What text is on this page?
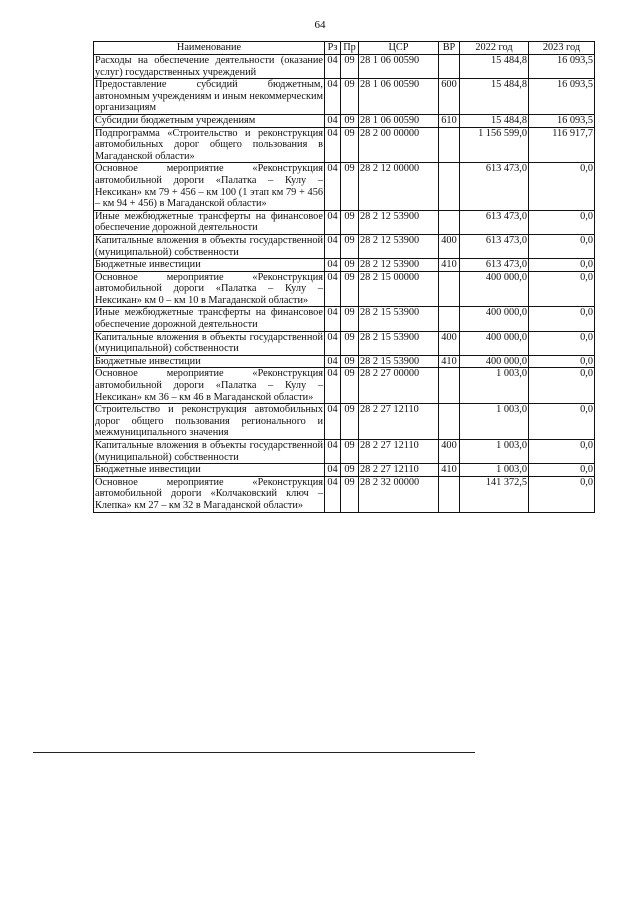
64
Наименование	Рз	Пр	ЦСР	ВР	2022 год	2023 год
Расходы на обеспечение деятельности (оказание услуг) государственных учреждений	04	09	28 1 06 00590		15 484,8	16 093,5
Предоставление субсидий бюджетным, автономным учреждениям и иным некоммерческим организациям	04	09	28 1 06 00590	600	15 484,8	16 093,5
Субсидии бюджетным учреждениям	04	09	28 1 06 00590	610	15 484,8	16 093,5
Подпрограмма «Строительство и реконструкция автомобильных дорог общего пользования в Магаданской области»	04	09	28 2 00 00000		1 156 599,0	116 917,7
Основное мероприятие «Реконструкция автомобильной дороги «Палатка – Кулу – Нексикан» км 79 + 456 – км 100 (1 этап км 79 + 456 – км 94 + 456) в Магаданской области»	04	09	28 2 12 00000		613 473,0	0,0
Иные межбюджетные трансферты на финансовое обеспечение дорожной деятельности	04	09	28 2 12 53900		613 473,0	0,0
Капитальные вложения в объекты государственной (муниципальной) собственности	04	09	28 2 12 53900	400	613 473,0	0,0
Бюджетные инвестиции	04	09	28 2 12 53900	410	613 473,0	0,0
Основное мероприятие «Реконструкция автомобильной дороги «Палатка – Кулу – Нексикан» км 0 – км 10 в Магаданской области»	04	09	28 2 15 00000		400 000,0	0,0
Иные межбюджетные трансферты на финансовое обеспечение дорожной деятельности	04	09	28 2 15 53900		400 000,0	0,0
Капитальные вложения в объекты государственной (муниципальной) собственности	04	09	28 2 15 53900	400	400 000,0	0,0
Бюджетные инвестиции	04	09	28 2 15 53900	410	400 000,0	0,0
Основное мероприятие «Реконструкция автомобильной дороги «Палатка – Кулу – Нексикан» км 36 – км 46 в Магаданской области»	04	09	28 2 27 00000		1 003,0	0,0
Строительство и реконструкция автомобильных дорог общего пользования регионального и межмуниципального значения	04	09	28 2 27 12110		1 003,0	0,0
Капитальные вложения в объекты государственной (муниципальной) собственности	04	09	28 2 27 12110	400	1 003,0	0,0
Бюджетные инвестиции	04	09	28 2 27 12110	410	1 003,0	0,0
Основное мероприятие «Реконструкция автомобильной дороги «Колчаковский ключ – Клепка» км 27 – км 32 в Магаданской области»	04	09	28 2 32 00000		141 372,5	0,0
